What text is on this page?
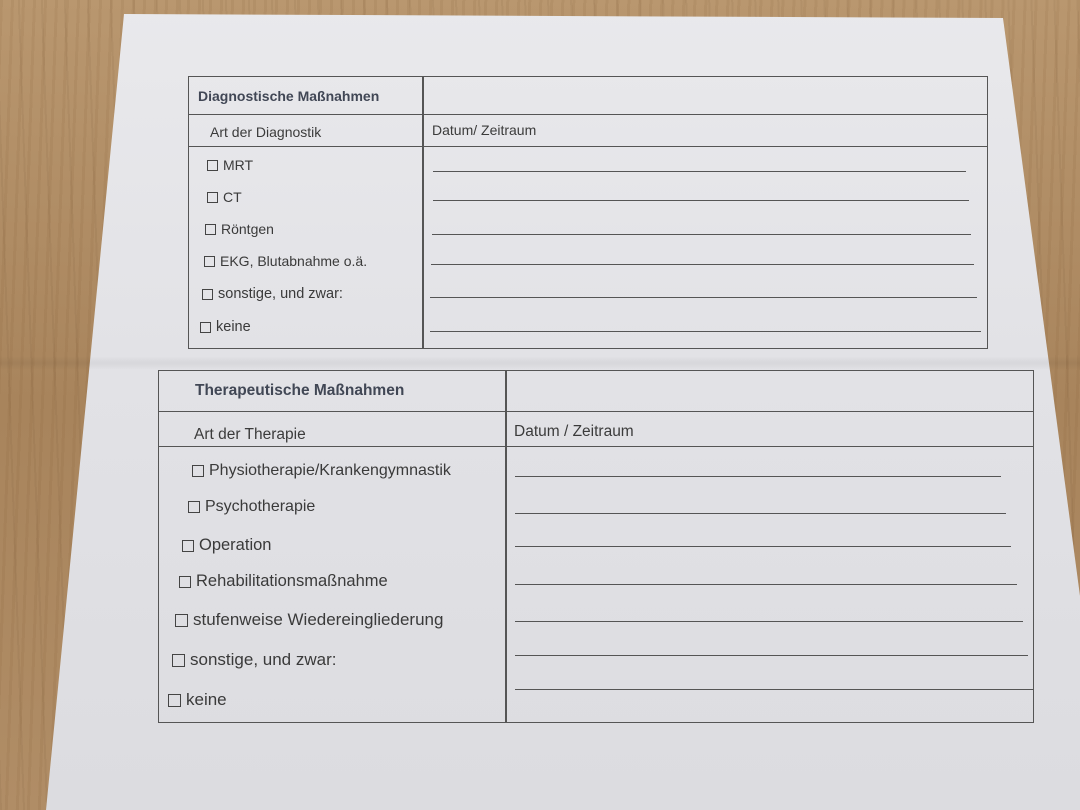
Diagnostische Maßnahmen
Art der Diagnostik	Datum/ Zeitraum
MRT
CT
Röntgen
EKG, Blutabnahme o.ä.
sonstige, und zwar:
keine
Therapeutische Maßnahmen
Art der Therapie	Datum / Zeitraum
Physiotherapie/Krankengymnastik
Psychotherapie
Operation
Rehabilitationsmaßnahme
stufenweise Wiedereingliederung
sonstige, und zwar:
keine
